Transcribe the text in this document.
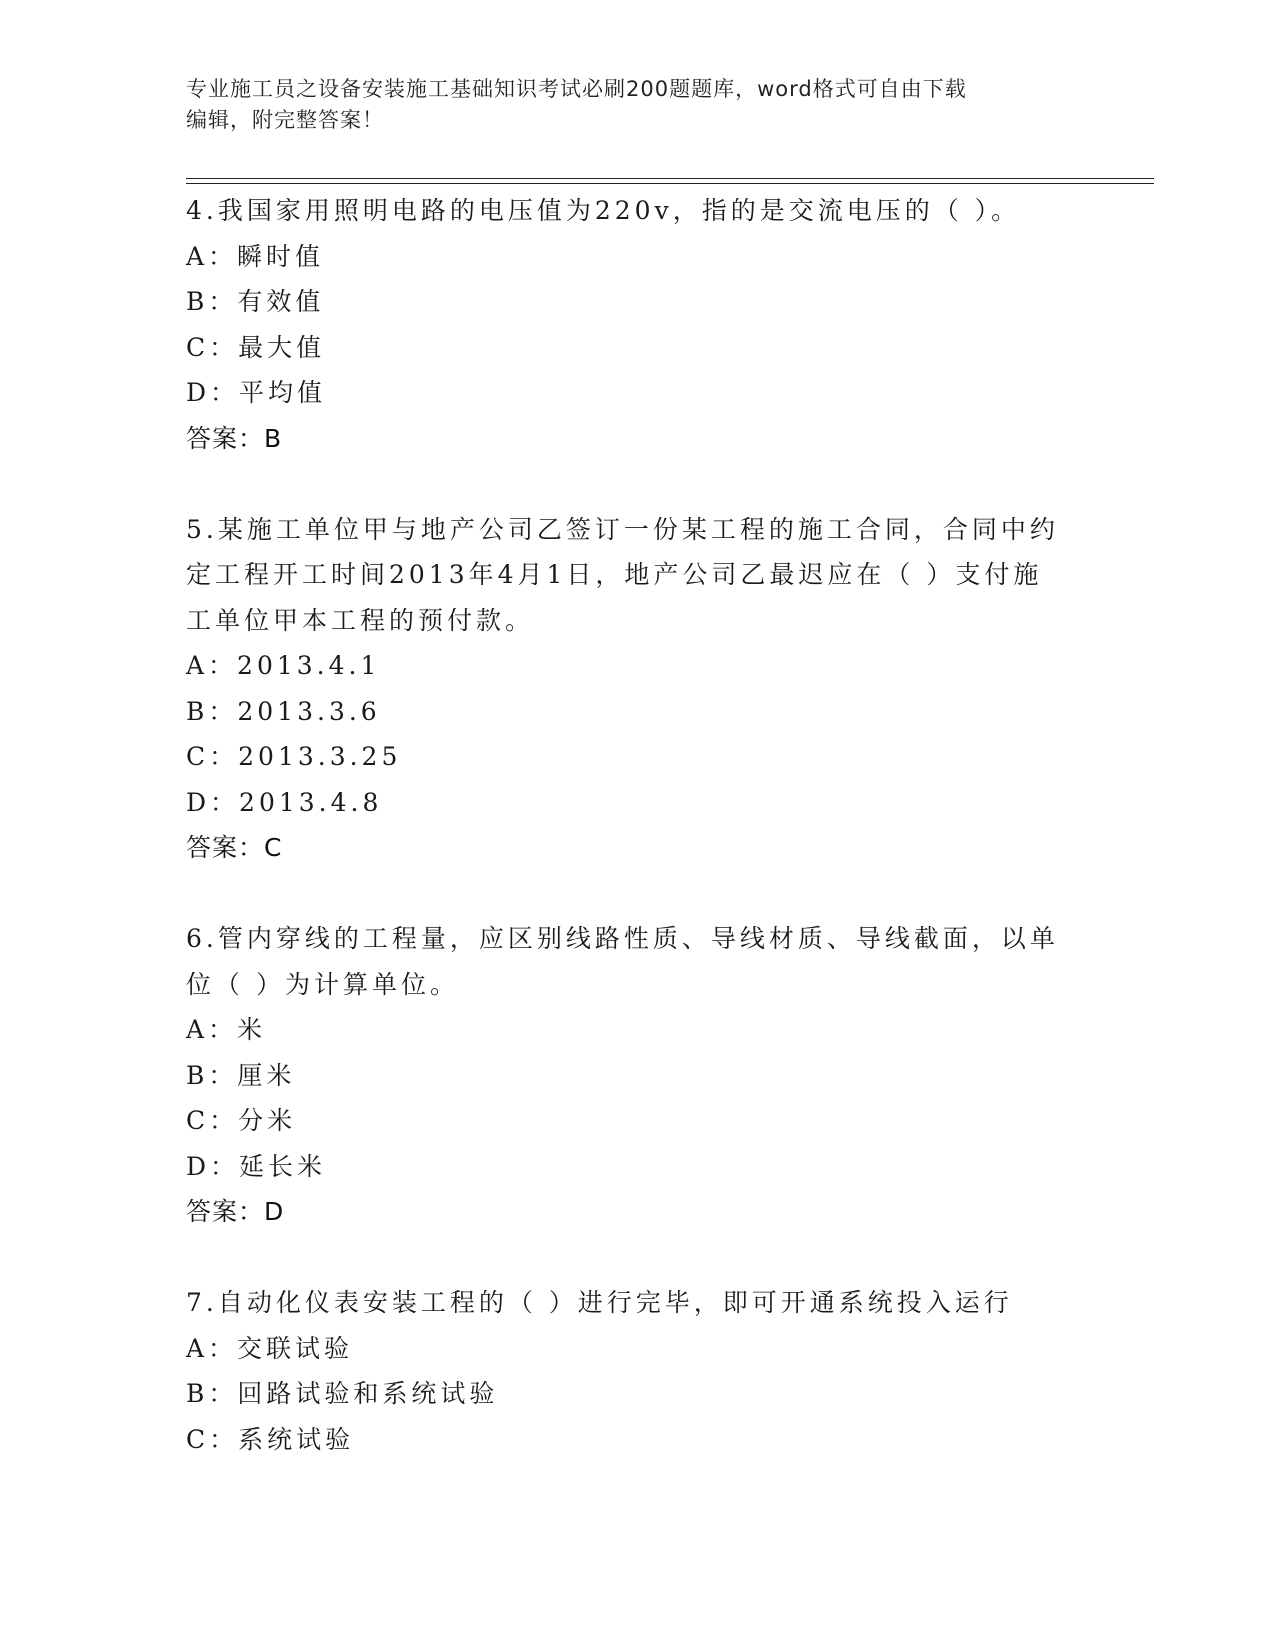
专业施工员之设备安装施工基础知识考试必刷200题题库，word格式可自由下载
编辑，附完整答案！
4.我国家用照明电路的电压值为220v，指的是交流电压的（ ）。
A：瞬时值
B：有效值
C：最大值
D：平均值
答案：B
5.某施工单位甲与地产公司乙签订一份某工程的施工合同，合同中约
定工程开工时间2013年4月1日，地产公司乙最迟应在（ ）支付施
工单位甲本工程的预付款。
A：2013.4.1
B：2013.3.6
C：2013.3.25
D：2013.4.8
答案：C
6.管内穿线的工程量，应区别线路性质、导线材质、导线截面，以单
位（ ）为计算单位。
A：米
B：厘米
C：分米
D：延长米
答案：D
7.自动化仪表安装工程的（ ）进行完毕，即可开通系统投入运行
A：交联试验
B：回路试验和系统试验
C：系统试验
